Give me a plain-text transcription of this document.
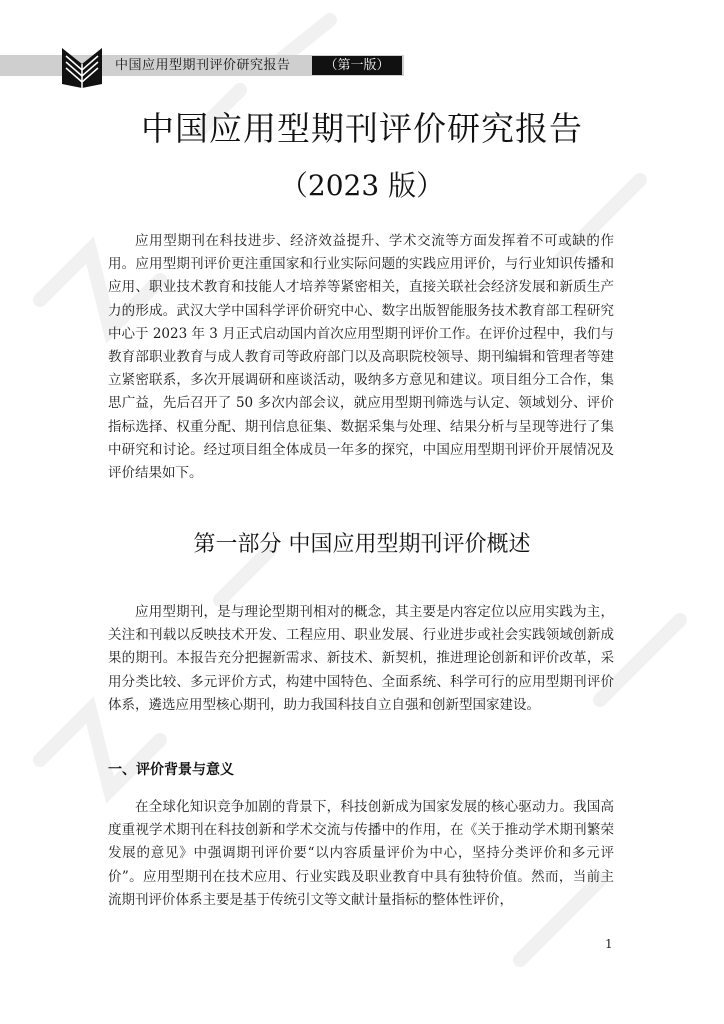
中国应用型期刊评价研究报告	（第一版）
中国应用型期刊评价研究报告
（2023 版）
应用型期刊在科技进步、经济效益提升、学术交流等方面发挥着不可或缺的作用。应用型期刊评价更注重国家和行业实际问题的实践应用评价，与行业知识传播和应用、职业技术教育和技能人才培养等紧密相关，直接关联社会经济发展和新质生产力的形成。武汉大学中国科学评价研究中心、数字出版智能服务技术教育部工程研究中心于 2023 年 3 月正式启动国内首次应用型期刊评价工作。在评价过程中，我们与教育部职业教育与成人教育司等政府部门以及高职院校领导、期刊编辑和管理者等建立紧密联系，多次开展调研和座谈活动，吸纳多方意见和建议。项目组分工合作，集思广益，先后召开了 50 多次内部会议，就应用型期刊筛选与认定、领域划分、评价指标选择、权重分配、期刊信息征集、数据采集与处理、结果分析与呈现等进行了集中研究和讨论。经过项目组全体成员一年多的探究，中国应用型期刊评价开展情况及评价结果如下。
第一部分 中国应用型期刊评价概述
应用型期刊，是与理论型期刊相对的概念，其主要是内容定位以应用实践为主，关注和刊载以反映技术开发、工程应用、职业发展、行业进步或社会实践领域创新成果的期刊。本报告充分把握新需求、新技术、新契机，推进理论创新和评价改革，采用分类比较、多元评价方式，构建中国特色、全面系统、科学可行的应用型期刊评价体系，遴选应用型核心期刊，助力我国科技自立自强和创新型国家建设。
一、评价背景与意义
在全球化知识竞争加剧的背景下，科技创新成为国家发展的核心驱动力。我国高度重视学术期刊在科技创新和学术交流与传播中的作用，在《关于推动学术期刊繁荣发展的意见》中强调期刊评价要“以内容质量评价为中心，坚持分类评价和多元评价”。应用型期刊在技术应用、行业实践及职业教育中具有独特价值。然而，当前主流期刊评价体系主要是基于传统引文等文献计量指标的整体性评价，
1
